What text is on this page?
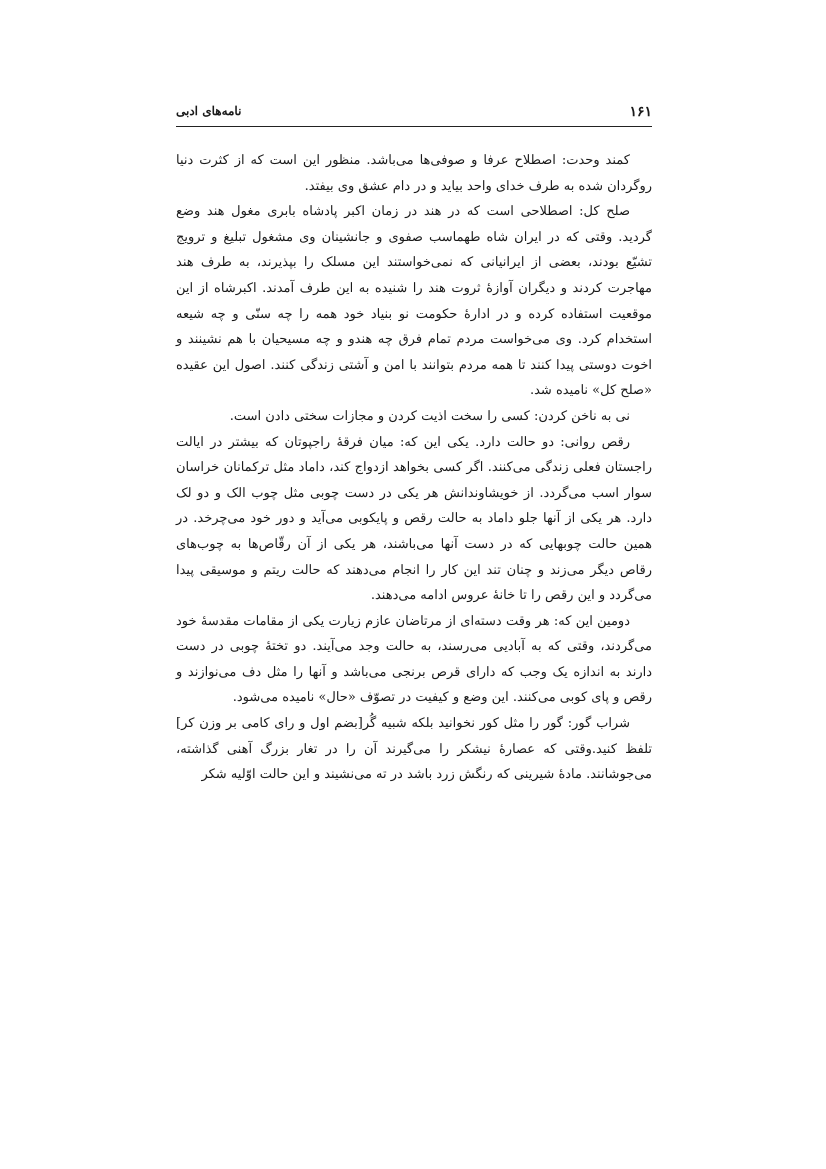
۱۶۱
نامه‌های ادبی

کمند وحدت: اصطلاح عرفا و صوفی‌ها می‌باشد. منظور این است که از کثرت دنیا روگردان شده به طرف خدای واحد بیاید و در دام عشق وی بیفتد.

صلح کل: اصطلاحی است که در هند در زمان اکبر پادشاه بابری مغول هند وضع گردید. وقتی که در ایران شاه طهماسب صفوی و جانشینان وی مشغول تبلیغ و ترویج تشیّع بودند، بعضی از ایرانیانی که نمی‌خواستند این مسلک را بپذیرند، به طرف هند مهاجرت کردند و دیگران آوازهٔ ثروت هند را شنیده به این طرف آمدند. اکبرشاه از این موقعیت استفاده کرده و در ادارهٔ حکومت نو بنیاد خود همه را چه سنّی و چه شیعه استخدام کرد. وی می‌خواست مردم تمام فرق چه هندو و چه مسیحیان با هم نشینند و اخوت دوستی پیدا کنند تا همه مردم بتوانند با امن و آشتی زندگی کنند. اصول این عقیده «صلح کل» نامیده شد.

نی به ناخن کردن: کسی را سخت اذیت کردن و مجازات سختی دادن است.

رقص روانی: دو حالت دارد. یکی این که: میان فرقهٔ راجپوتان که بیشتر در ایالت راجستان فعلی زندگی می‌کنند. اگر کسی بخواهد ازدواج کند، داماد مثل ترکمانان خراسان سوار اسب می‌گردد. از خویشاوندانش هر یکی در دست چوبی مثل چوب الک و دو لک دارد. هر یکی از آنها جلو داماد به حالت رقص و پایکوبی می‌آید و دور خود می‌چرخد. در همین حالت چوبهایی که در دست آنها می‌باشند، هر یکی از آن رقّاص‌ها به چوب‌های رقاص دیگر می‌زند و چنان تند این کار را انجام می‌دهند که حالت ریتم و موسیقی پیدا می‌گردد و این رقص را تا خانهٔ عروس ادامه می‌دهند.

دومین این که: هر وقت دسته‌ای از مرتاضان عازم زیارت یکی از مقامات مقدسهٔ خود می‌گردند، وقتی که به آبادیی می‌رسند، به حالت وجد می‌آیند. دو تختهٔ چوبی در دست دارند به اندازه یک وجب که دارای قرص برنجی می‌باشد و آنها را مثل دف می‌نوازند و رقص و پای کوبی می‌کنند. این وضع و کیفیت در تصوّف «حال» نامیده می‌شود.

شراب گور: گور را مثل کور نخوانید بلکه شبیه گُر[بضم اول و رای کامی بر وزن کر] تلفظ کنید.وقتی که عصارهٔ نیشکر را می‌گیرند آن را در تغار بزرگ آهنی گذاشته، می‌جوشانند. مادهٔ شیرینی که رنگش زرد باشد در ته می‌نشیند و این حالت اوّلیه شکر
